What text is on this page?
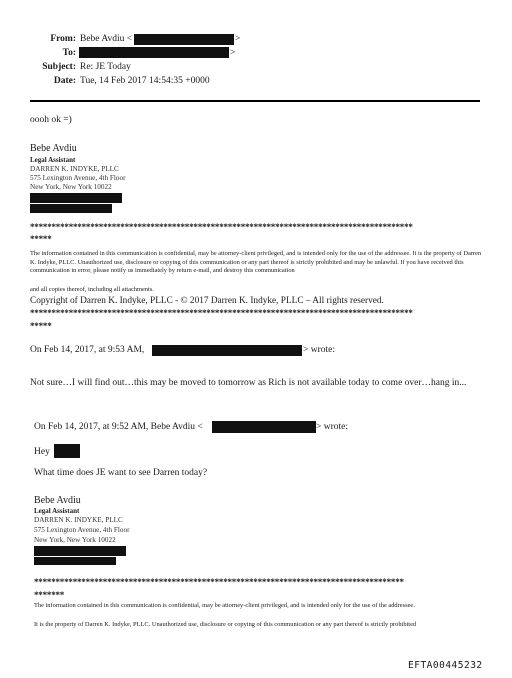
From: Bebe Avdiu <	>
To:	>
Subject: Re: JE Today
Date: Tue, 14 Feb 2017 14:54:35 +0000
oooh ok =)
Bebe Avdiu
Legal Assistant
DARREN K. INDYKE, PLLC
575 Lexington Avenue, 4th Floor
New York, New York 10022
*****************************************************************************************
*****
The information contained in this communication is confidential, may be attorney-client privileged, and is intended only for the use of the addressee. It is the property of Darren K. Indyke, PLLC. Unauthorized use, disclosure or copying of this communication or any part thereof is strictly prohibited and may be unlawful. If you have received this communication in error, please notify us immediately by return e-mail, and destroy this communication
and all copies thereof, including all attachments.
Copyright of Darren K. Indyke, PLLC - © 2017 Darren K. Indyke, PLLC – All rights reserved.
*****************************************************************************************
*****
On Feb 14, 2017, at 9:53 AM,	> wrote:
Not sure…I will find out…this may be moved to tomorrow as Rich is not available today to come over…hang in...
On Feb 14, 2017, at 9:52 AM, Bebe Avdiu <	> wrote:
Hey
What time does JE want to see Darren today?
Bebe Avdiu
Legal Assistant
DARREN K. INDYKE, PLLC
575 Lexington Avenue, 4th Floor
New York, New York 10022
**************************************************************************************
*******
The information contained in this communication is confidential, may be attorney-client privileged, and is intended only for the use of the addressee.
It is the property of Darren K. Indyke, PLLC. Unauthorized use, disclosure or copying of this communication or any part thereof is strictly prohibited
EFTA00445232
